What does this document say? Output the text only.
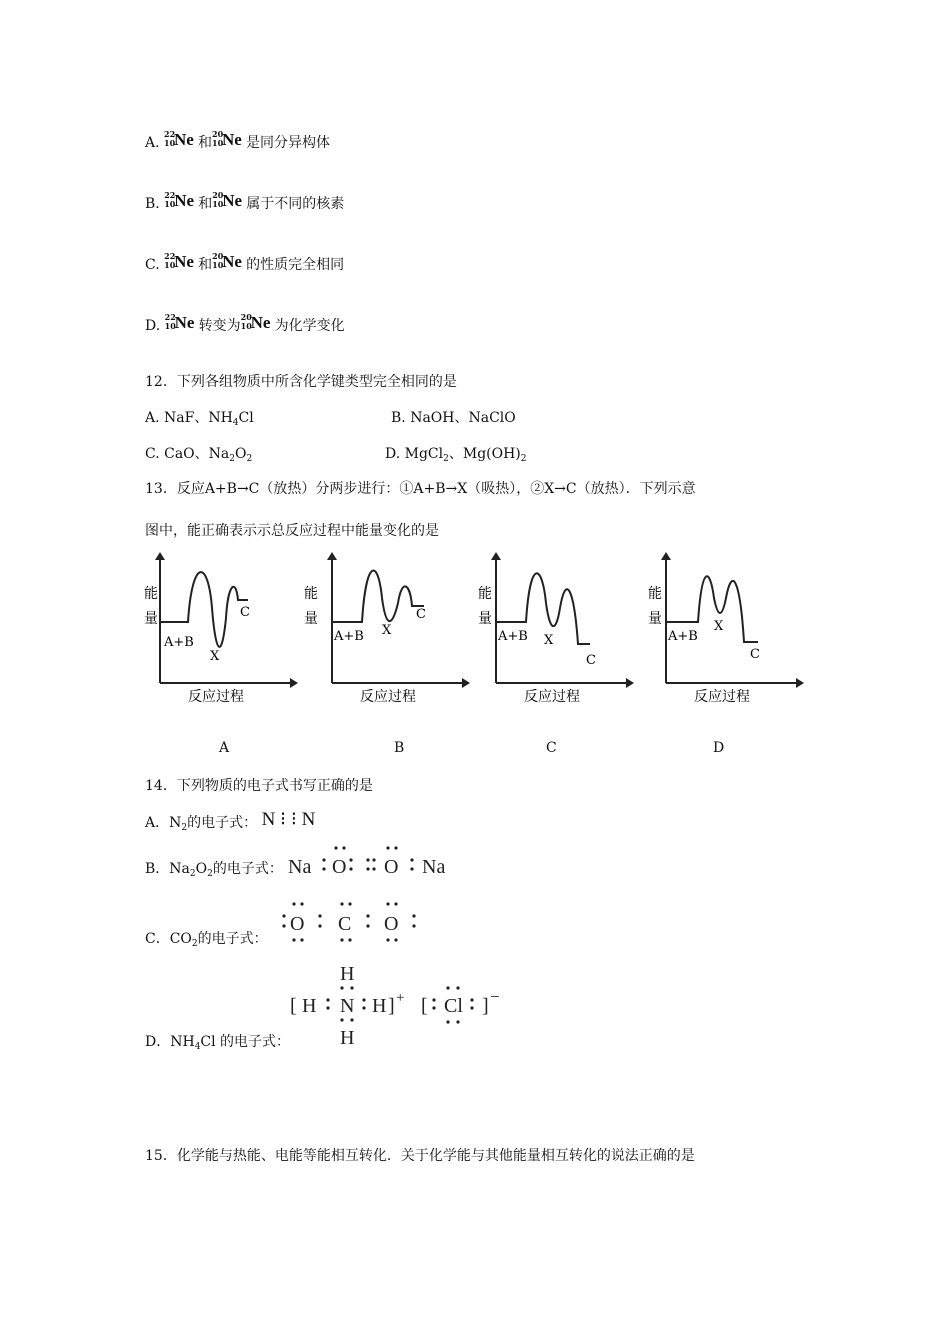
A.
22
10
Ne 和
20
10
Ne 是同分异构体
B.
22
10
Ne 和
20
10
Ne 属于不同的核素
C.
22
10
Ne 和
20
10
Ne 的性质完全相同
D.
22
10
Ne 转变为
20
10
Ne 为化学变化
12．下列各组物质中所含化学键类型完全相同的是
A. NaF、$NH_4Cl$	B. NaOH、NaClO
C. CaO、$Na_2O_2$	D. MgCl$_2$、$Mg(OH)_2$
13．反应A+B→C（放热）分两步进行：①A+B→X（吸热），②X→C（放热）．下列示意
图中，能正确表示示总反应过程中能量变化的是
能
量
A+B
X
C
反应过程
能
量
A+B X
C
反应过程
能
量
A+B X
C
反应过程
能
量
A+B
X
C
反应过程
A	B	C	D
14．下列物质的电子式书写正确的是
A．$N_2$的电子式： N ⁝ ⁝ N
B．$Na_2O_2$的电子式： Na O O Na
C．$CO_2$的电子式：
O C O
D．$NH_4Cl$ 的电子式：
H
[ H N H ] [ Cl ]
H
+	−
15．化学能与热能、电能等能相互转化．关于化学能与其他能量相互转化的说法正确的是
